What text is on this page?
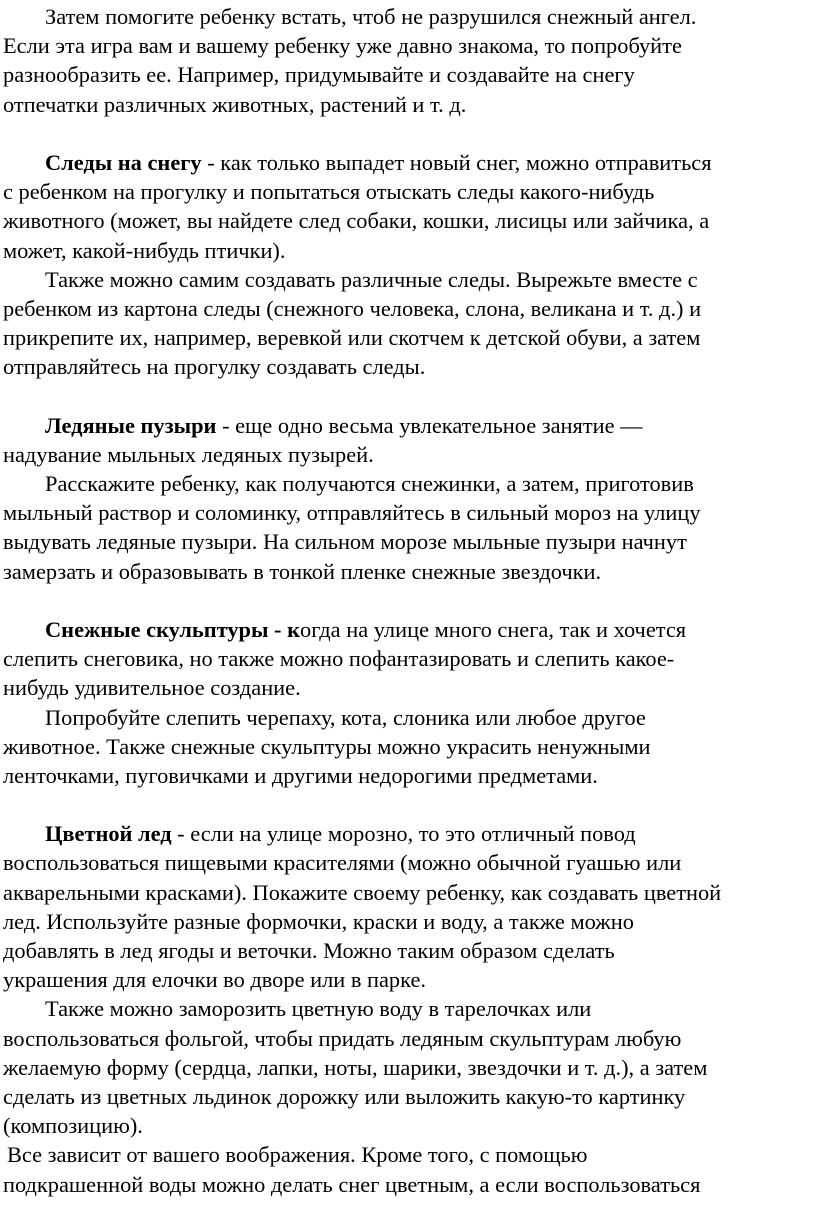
Затем помогите ребенку встать, чтоб не разрушился снежный ангел.
Если эта игра вам и вашему ребенку уже давно знакома, то попробуйте
разнообразить ее. Например, придумывайте и создавайте на снегу
отпечатки различных животных, растений и т. д.
Следы на снегу - как только выпадет новый снег, можно отправиться
с ребенком на прогулку и попытаться отыскать следы какого-нибудь
животного (может, вы найдете след собаки, кошки, лисицы или зайчика, а
может, какой-нибудь птички).
Также можно самим создавать различные следы. Вырежьте вместе с
ребенком из картона следы (снежного человека, слона, великана и т. д.) и
прикрепите их, например, веревкой или скотчем к детской обуви, а затем
отправляйтесь на прогулку создавать следы.
Ледяные пузыри - еще одно весьма увлекательное занятие —
надувание мыльных ледяных пузырей.
Расскажите ребенку, как получаются снежинки, а затем, приготовив
мыльный раствор и соломинку, отправляйтесь в сильный мороз на улицу
выдувать ледяные пузыри. На сильном морозе мыльные пузыри начнут
замерзать и образовывать в тонкой пленке снежные звездочки.
Снежные скульптуры - когда на улице много снега, так и хочется
слепить снеговика, но также можно пофантазировать и слепить какое-
нибудь удивительное создание.
Попробуйте слепить черепаху, кота, слоника или любое другое
животное. Также снежные скульптуры можно украсить ненужными
ленточками, пуговичками и другими недорогими предметами.
Цветной лед - если на улице морозно, то это отличный повод
воспользоваться пищевыми красителями (можно обычной гуашью или
акварельными красками). Покажите своему ребенку, как создавать цветной
лед. Используйте разные формочки, краски и воду, а также можно
добавлять в лед ягоды и веточки. Можно таким образом сделать
украшения для елочки во дворе или в парке.
Также можно заморозить цветную воду в тарелочках или
воспользоваться фольгой, чтобы придать ледяным скульптурам любую
желаемую форму (сердца, лапки, ноты, шарики, звездочки и т. д.), а затем
сделать из цветных льдинок дорожку или выложить какую-то картинку
(композицию).
Все зависит от вашего воображения. Кроме того, с помощью
подкрашенной воды можно делать снег цветным, а если воспользоваться
